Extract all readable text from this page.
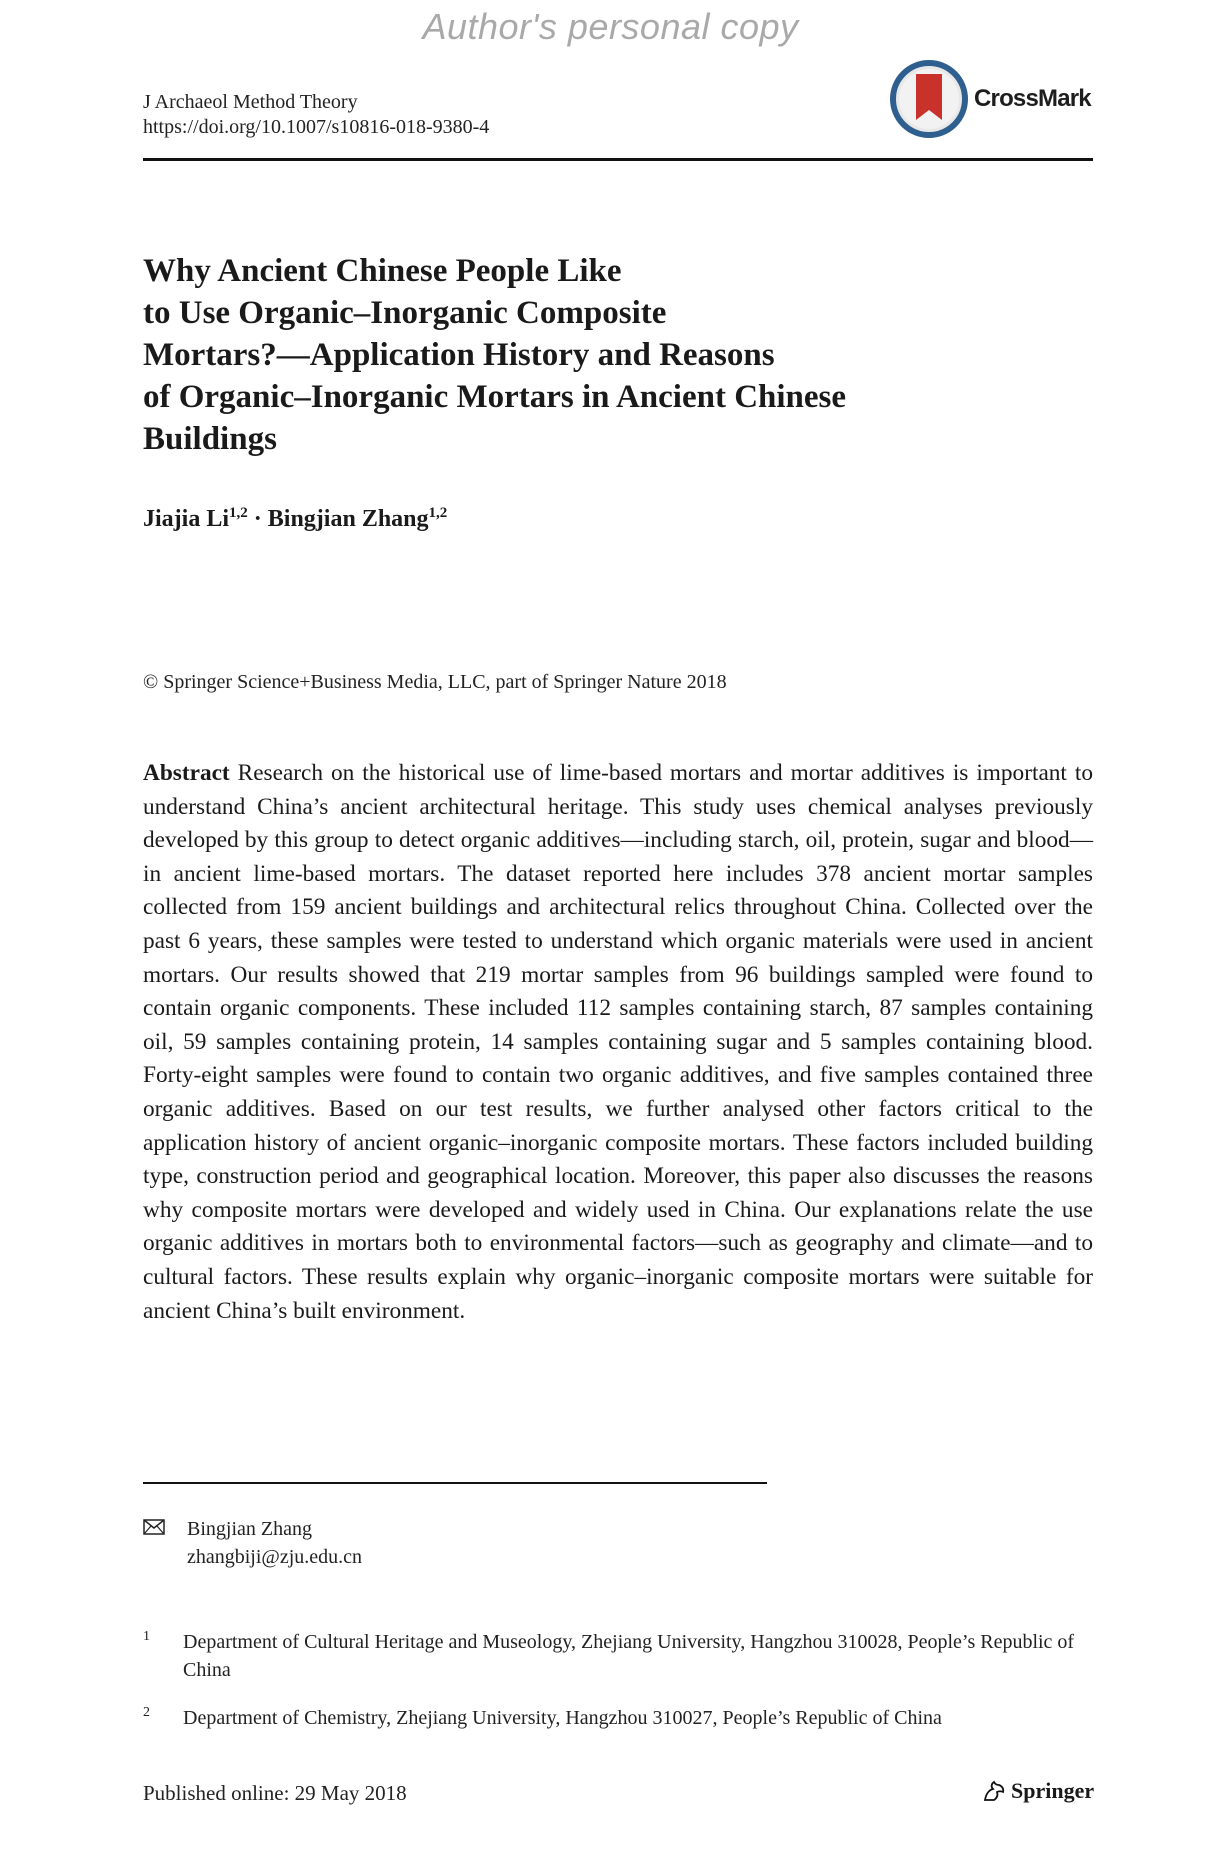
Author's personal copy
J Archaeol Method Theory
https://doi.org/10.1007/s10816-018-9380-4
CrossMark
Why Ancient Chinese People Like
to Use Organic–Inorganic Composite
Mortars?—Application History and Reasons
of Organic–Inorganic Mortars in Ancient Chinese
Buildings
Jiajia Li$^{1,2}$ · Bingjian Zhang$^{1,2}$
© Springer Science+Business Media, LLC, part of Springer Nature 2018
Abstract Research on the historical use of lime-based mortars and mortar additives is important to understand China’s ancient architectural heritage. This study uses chemical analyses previously developed by this group to detect organic additives—including starch, oil, protein, sugar and blood—in ancient lime-based mortars. The dataset reported here includes 378 ancient mortar samples collected from 159 ancient buildings and architectural relics throughout China. Collected over the past 6 years, these samples were tested to understand which organic materials were used in ancient mortars. Our results showed that 219 mortar samples from 96 buildings sampled were found to contain organic components. These included 112 samples containing starch, 87 samples containing oil, 59 samples containing protein, 14 samples containing sugar and 5 samples containing blood. Forty-eight samples were found to contain two organic additives, and five samples contained three organic additives. Based on our test results, we further analysed other factors critical to the application history of ancient organic–inorganic composite mortars. These factors included building type, construction period and geographical location. Moreover, this paper also discusses the reasons why composite mortars were developed and widely used in China. Our explanations relate the use organic additives in mortars both to environmental factors—such as geography and climate—and to cultural factors. These results explain why organic–inorganic composite mortars were suitable for ancient China’s built environment.
Bingjian Zhang
zhangbiji@zju.edu.cn
1	Department of Cultural Heritage and Museology, Zhejiang University, Hangzhou 310028, People’s Republic of China
2	Department of Chemistry, Zhejiang University, Hangzhou 310027, People’s Republic of China
Published online: 29 May 2018	Springer
